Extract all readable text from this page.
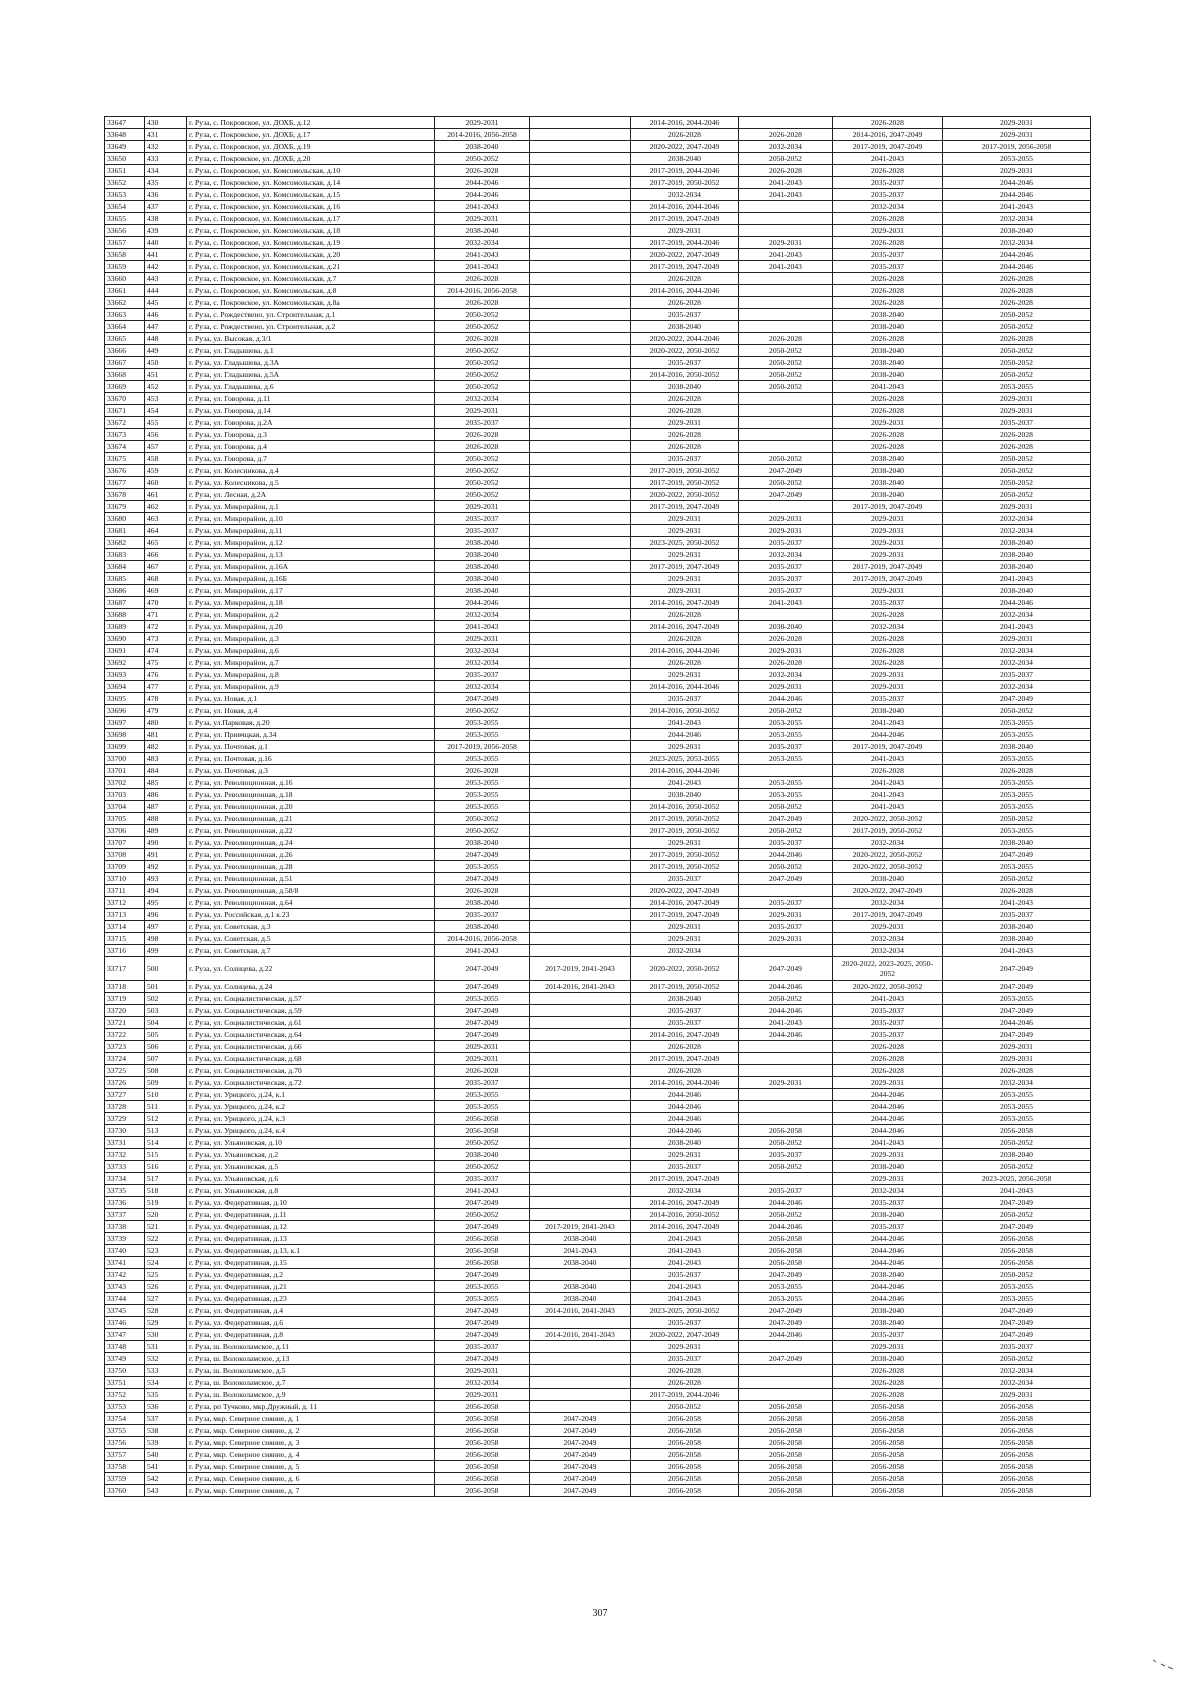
33647	430	г. Руза, с. Покровское, ул. ДОХБ, д.12	2029-2031		2014-2016, 2044-2046		2026-2028	2029-2031
33648	431	г. Руза, с. Покровское, ул. ДОХБ, д.17	2014-2016, 2056-2058		2026-2028	2026-2028	2014-2016, 2047-2049	2029-2031
33649	432	г. Руза, с. Покровское, ул. ДОХБ, д.19	2038-2040		2020-2022, 2047-2049	2032-2034	2017-2019, 2047-2049	2017-2019, 2056-2058
33650	433	г. Руза, с. Покровское, ул. ДОХБ, д.20	2050-2052		2038-2040	2050-2052	2041-2043	2053-2055
33651	434	г. Руза, с. Покровское, ул. Комсомольская, д.10	2026-2028		2017-2019, 2044-2046	2026-2028	2026-2028	2029-2031
33652	435	г. Руза, с. Покровское, ул. Комсомольская, д.14	2044-2046		2017-2019, 2050-2052	2041-2043	2035-2037	2044-2046
33653	436	г. Руза, с. Покровское, ул. Комсомольская, д.15	2044-2046		2032-2034	2041-2043	2035-2037	2044-2046
33654	437	г. Руза, с. Покровское, ул. Комсомольская, д.16	2041-2043		2014-2016, 2044-2046		2032-2034	2041-2043
33655	438	г. Руза, с. Покровское, ул. Комсомольская, д.17	2029-2031		2017-2019, 2047-2049		2026-2028	2032-2034
33656	439	г. Руза, с. Покровское, ул. Комсомольская, д.18	2038-2040		2029-2031		2029-2031	2038-2040
33657	440	г. Руза, с. Покровское, ул. Комсомольская, д.19	2032-2034		2017-2019, 2044-2046	2029-2031	2026-2028	2032-2034
33658	441	г. Руза, с. Покровское, ул. Комсомольская, д.20	2041-2043		2020-2022, 2047-2049	2041-2043	2035-2037	2044-2046
33659	442	г. Руза, с. Покровское, ул. Комсомольская, д.21	2041-2043		2017-2019, 2047-2049	2041-2043	2035-2037	2044-2046
33660	443	г. Руза, с. Покровское, ул. Комсомольская, д.7	2026-2028		2026-2028		2026-2028	2026-2028
33661	444	г. Руза, с. Покровское, ул. Комсомольская, д.8	2014-2016, 2056-2058		2014-2016, 2044-2046		2026-2028	2026-2028
33662	445	г. Руза, с. Покровское, ул. Комсомольская, д.8а	2026-2028		2026-2028		2026-2028	2026-2028
33663	446	г. Руза, с. Рождествено, ул. Строительная, д.1	2050-2052		2035-2037		2038-2040	2050-2052
33664	447	г. Руза, с. Рождествено, ул. Строительная, д.2	2050-2052		2038-2040		2038-2040	2050-2052
33665	448	г. Руза, ул. Высокая, д.3/1	2026-2028		2020-2022, 2044-2046	2026-2028	2026-2028	2026-2028
33666	449	г. Руза, ул. Гладышева, д.1	2050-2052		2020-2022, 2050-2052	2050-2052	2038-2040	2050-2052
33667	450	г. Руза, ул. Гладышева, д.3А	2050-2052		2035-2037	2050-2052	2038-2040	2050-2052
33668	451	г. Руза, ул. Гладышева, д.5А	2050-2052		2014-2016, 2050-2052	2050-2052	2038-2040	2050-2052
33669	452	г. Руза, ул. Гладышева, д.6	2050-2052		2038-2040	2050-2052	2041-2043	2053-2055
33670	453	г. Руза, ул. Говорова, д.11	2032-2034		2026-2028		2026-2028	2029-2031
33671	454	г. Руза, ул. Говорова, д.14	2029-2031		2026-2028		2026-2028	2029-2031
33672	455	г. Руза, ул. Говорова, д.2А	2035-2037		2029-2031		2029-2031	2035-2037
33673	456	г. Руза, ул. Говорова, д.3	2026-2028		2026-2028		2026-2028	2026-2028
33674	457	г. Руза, ул. Говорова, д.4	2026-2028		2026-2028		2026-2028	2026-2028
33675	458	г. Руза, ул. Говорова, д.7	2050-2052		2035-2037	2050-2052	2038-2040	2050-2052
33676	459	г. Руза, ул. Колесникова, д.4	2050-2052		2017-2019, 2050-2052	2047-2049	2038-2040	2050-2052
33677	460	г. Руза, ул. Колесникова, д.5	2050-2052		2017-2019, 2050-2052	2050-2052	2038-2040	2050-2052
33678	461	г. Руза, ул. Лесная, д.2А	2050-2052		2020-2022, 2050-2052	2047-2049	2038-2040	2050-2052
33679	462	г. Руза, ул. Микрорайон, д.1	2029-2031		2017-2019, 2047-2049		2017-2019, 2047-2049	2029-2031
33680	463	г. Руза, ул. Микрорайон, д.10	2035-2037		2029-2031	2029-2031	2029-2031	2032-2034
33681	464	г. Руза, ул. Микрорайон, д.11	2035-2037		2029-2031	2029-2031	2029-2031	2032-2034
33682	465	г. Руза, ул. Микрорайон, д.12	2038-2040		2023-2025, 2050-2052	2035-2037	2029-2031	2038-2040
33683	466	г. Руза, ул. Микрорайон, д.13	2038-2040		2029-2031	2032-2034	2029-2031	2038-2040
33684	467	г. Руза, ул. Микрорайон, д.16А	2038-2040		2017-2019, 2047-2049	2035-2037	2017-2019, 2047-2049	2038-2040
33685	468	г. Руза, ул. Микрорайон, д.16Б	2038-2040		2029-2031	2035-2037	2017-2019, 2047-2049	2041-2043
33686	469	г. Руза, ул. Микрорайон, д.17	2038-2040		2029-2031	2035-2037	2029-2031	2038-2040
33687	470	г. Руза, ул. Микрорайон, д.18	2044-2046		2014-2016, 2047-2049	2041-2043	2035-2037	2044-2046
33688	471	г. Руза, ул. Микрорайон, д.2	2032-2034		2026-2028		2026-2028	2032-2034
33689	472	г. Руза, ул. Микрорайон, д.20	2041-2043		2014-2016, 2047-2049	2038-2040	2032-2034	2041-2043
33690	473	г. Руза, ул. Микрорайон, д.3	2029-2031		2026-2028	2026-2028	2026-2028	2029-2031
33691	474	г. Руза, ул. Микрорайон, д.6	2032-2034		2014-2016, 2044-2046	2029-2031	2026-2028	2032-2034
33692	475	г. Руза, ул. Микрорайон, д.7	2032-2034		2026-2028	2026-2028	2026-2028	2032-2034
33693	476	г. Руза, ул. Микрорайон, д.8	2035-2037		2029-2031	2032-2034	2029-2031	2035-2037
33694	477	г. Руза, ул. Микрорайон, д.9	2032-2034		2014-2016, 2044-2046	2029-2031	2029-2031	2032-2034
33695	478	г. Руза, ул. Новая, д.1	2047-2049		2035-2037	2044-2046	2035-2037	2047-2049
33696	479	г. Руза, ул. Новая, д.4	2050-2052		2014-2016, 2050-2052	2050-2052	2038-2040	2050-2052
33697	480	г. Руза, ул.Парковая, д.20	2053-2055		2041-2043	2053-2055	2041-2043	2053-2055
33698	481	г. Руза, ул. Привчцкая, д.34	2053-2055		2044-2046	2053-2055	2044-2046	2053-2055
33699	482	г. Руза, ул. Почтовая, д.1	2017-2019, 2056-2058		2029-2031	2035-2037	2017-2019, 2047-2049	2038-2040
33700	483	г. Руза, ул. Почтовая, д.16	2053-2055		2023-2025, 2053-2055	2053-2055	2041-2043	2053-2055
33701	484	г. Руза, ул. Почтовая, д.3	2026-2028		2014-2016, 2044-2046		2026-2028	2026-2028
33702	485	г. Руза, ул. Революционная, д.16	2053-2055		2041-2043	2053-2055	2041-2043	2053-2055
33703	486	г. Руза, ул. Революционная, д.18	2053-2055		2038-2040	2053-2055	2041-2043	2053-2055
33704	487	г. Руза, ул. Революционная, д.20	2053-2055		2014-2016, 2050-2052	2050-2052	2041-2043	2053-2055
33705	488	г. Руза, ул. Революционная, д.21	2050-2052		2017-2019, 2050-2052	2047-2049	2020-2022, 2050-2052	2050-2052
33706	489	г. Руза, ул. Революционная, д.22	2050-2052		2017-2019, 2050-2052	2050-2052	2017-2019, 2050-2052	2053-2055
33707	490	г. Руза, ул. Революционная, д.24	2038-2040		2029-2031	2035-2037	2032-2034	2038-2040
33708	491	г. Руза, ул. Революционная, д.26	2047-2049		2017-2019, 2050-2052	2044-2046	2020-2022, 2050-2052	2047-2049
33709	492	г. Руза, ул. Революционная, д.28	2053-2055		2017-2019, 2050-2052	2050-2052	2020-2022, 2050-2052	2053-2055
33710	493	г. Руза, ул. Революционная, д.51	2047-2049		2035-2037	2047-2049	2038-2040	2050-2052
33711	494	г. Руза, ул. Революционная, д.58/8	2026-2028		2020-2022, 2047-2049		2020-2022, 2047-2049	2026-2028
33712	495	г. Руза, ул. Революционная, д.64	2038-2040		2014-2016, 2047-2049	2035-2037	2032-2034	2041-2043
33713	496	г. Руза, ул. Российская, д.1 к.23	2035-2037		2017-2019, 2047-2049	2029-2031	2017-2019, 2047-2049	2035-2037
33714	497	г. Руза, ул. Советская, д.3	2038-2040		2029-2031	2035-2037	2029-2031	2038-2040
33715	498	г. Руза, ул. Советская, д.5	2014-2016, 2056-2058		2029-2031	2029-2031	2032-2034	2038-2040
33716	499	г. Руза, ул. Советская, д.7	2041-2043		2032-2034		2032-2034	2041-2043
33717	500	г. Руза, ул. Солнцева, д.22	2047-2049	2017-2019, 2041-2043	2020-2022, 2050-2052	2047-2049	2020-2022, 2023-2025, 2050-2052	2047-2049
33718	501	г. Руза, ул. Солнцева, д.24	2047-2049	2014-2016, 2041-2043	2017-2019, 2050-2052	2044-2046	2020-2022, 2050-2052	2047-2049
33719	502	г. Руза, ул. Социалистическая, д.57	2053-2055		2038-2040	2050-2052	2041-2043	2053-2055
33720	503	г. Руза, ул. Социалистическая, д.59	2047-2049		2035-2037	2044-2046	2035-2037	2047-2049
33721	504	г. Руза, ул. Социалистическая, д.61	2047-2049		2035-2037	2041-2043	2035-2037	2044-2046
33722	505	г. Руза, ул. Социалистическая, д.64	2047-2049		2014-2016, 2047-2049	2044-2046	2035-2037	2047-2049
33723	506	г. Руза, ул. Социалистическая, д.66	2029-2031		2026-2028		2026-2028	2029-2031
33724	507	г. Руза, ул. Социалистическая, д.68	2029-2031		2017-2019, 2047-2049		2026-2028	2029-2031
33725	508	г. Руза, ул. Социалистическая, д.70	2026-2028		2026-2028		2026-2028	2026-2028
33726	509	г. Руза, ул. Социалистическая, д.72	2035-2037		2014-2016, 2044-2046	2029-2031	2029-2031	2032-2034
33727	510	г. Руза, ул. Урицкого, д.24, к.1	2053-2055		2044-2046		2044-2046	2053-2055
33728	511	г. Руза, ул. Урицкого, д.24, к.2	2053-2055		2044-2046		2044-2046	2053-2055
33729	512	г. Руза, ул. Урицкого, д.24, к.3	2056-2058		2044-2046		2044-2046	2053-2055
33730	513	г. Руза, ул. Урицкого, д.24, к.4	2056-2058		2044-2046	2056-2058	2044-2046	2056-2058
33731	514	г. Руза, ул. Ульяновская, д.10	2050-2052		2038-2040	2050-2052	2041-2043	2050-2052
33732	515	г. Руза, ул. Ульяновская, д.2	2038-2040		2029-2031	2035-2037	2029-2031	2038-2040
33733	516	г. Руза, ул. Ульяновская, д.5	2050-2052		2035-2037	2050-2052	2038-2040	2050-2052
33734	517	г. Руза, ул. Ульяновская, д.6	2035-2037		2017-2019, 2047-2049		2029-2031	2023-2025, 2056-2058
33735	518	г. Руза, ул. Ульяновская, д.8	2041-2043		2032-2034	2035-2037	2032-2034	2041-2043
33736	519	г. Руза, ул. Федеративная, д.10	2047-2049		2014-2016, 2047-2049	2044-2046	2035-2037	2047-2049
33737	520	г. Руза, ул. Федеративная, д.11	2050-2052		2014-2016, 2050-2052	2050-2052	2038-2040	2050-2052
33738	521	г. Руза, ул. Федеративная, д.12	2047-2049	2017-2019, 2041-2043	2014-2016, 2047-2049	2044-2046	2035-2037	2047-2049
33739	522	г. Руза, ул. Федеративная, д.13	2056-2058	2038-2040	2041-2043	2056-2058	2044-2046	2056-2058
33740	523	г. Руза, ул. Федеративная, д.13, к.1	2056-2058	2041-2043	2041-2043	2056-2058	2044-2046	2056-2058
33741	524	г. Руза, ул. Федеративная, д.15	2056-2058	2038-2040	2041-2043	2056-2058	2044-2046	2056-2058
33742	525	г. Руза, ул. Федеративная, д.2	2047-2049		2035-2037	2047-2049	2038-2040	2050-2052
33743	526	г. Руза, ул. Федеративная, д.21	2053-2055	2038-2040	2041-2043	2053-2055	2044-2046	2053-2055
33744	527	г. Руза, ул. Федеративная, д.23	2053-2055	2038-2040	2041-2043	2053-2055	2044-2046	2053-2055
33745	528	г. Руза, ул. Федеративная, д.4	2047-2049	2014-2016, 2041-2043	2023-2025, 2050-2052	2047-2049	2038-2040	2047-2049
33746	529	г. Руза, ул. Федеративная, д.6	2047-2049		2035-2037	2047-2049	2038-2040	2047-2049
33747	530	г. Руза, ул. Федеративная, д.8	2047-2049	2014-2016, 2041-2043	2020-2022, 2047-2049	2044-2046	2035-2037	2047-2049
33748	531	г. Руза, ш. Волоколамское, д.11	2035-2037		2029-2031		2029-2031	2035-2037
33749	532	г. Руза, ш. Волоколамское, д.13	2047-2049		2035-2037	2047-2049	2038-2040	2050-2052
33750	533	г. Руза, ш. Волоколамское, д.5	2029-2031		2026-2028		2026-2028	2032-2034
33751	534	г. Руза, ш. Волоколамское, д.7	2032-2034		2026-2028		2026-2028	2032-2034
33752	535	г. Руза, ш. Волоколамское, д.9	2029-2031		2017-2019, 2044-2046		2026-2028	2029-2031
33753	536	г. Руза, рп Тучково, мкр.Дружный, д. 11	2056-2058		2050-2052	2056-2058	2056-2058	2056-2058
33754	537	г. Руза, мкр. Северное сияние, д. 1	2056-2058	2047-2049	2056-2058	2056-2058	2056-2058	2056-2058
33755	538	г. Руза, мкр. Северное сияние, д. 2	2056-2058	2047-2049	2056-2058	2056-2058	2056-2058	2056-2058
33756	539	г. Руза, мкр. Северное сияние, д. 3	2056-2058	2047-2049	2056-2058	2056-2058	2056-2058	2056-2058
33757	540	г. Руза, мкр. Северное сияние, д. 4	2056-2058	2047-2049	2056-2058	2056-2058	2056-2058	2056-2058
33758	541	г. Руза, мкр. Северное сияние, д. 5	2056-2058	2047-2049	2056-2058	2056-2058	2056-2058	2056-2058
33759	542	г. Руза, мкр. Северное сияние, д. 6	2056-2058	2047-2049	2056-2058	2056-2058	2056-2058	2056-2058
33760	543	г. Руза, мкр. Северное сияние, д. 7	2056-2058	2047-2049	2056-2058	2056-2058	2056-2058	2056-2058
307
